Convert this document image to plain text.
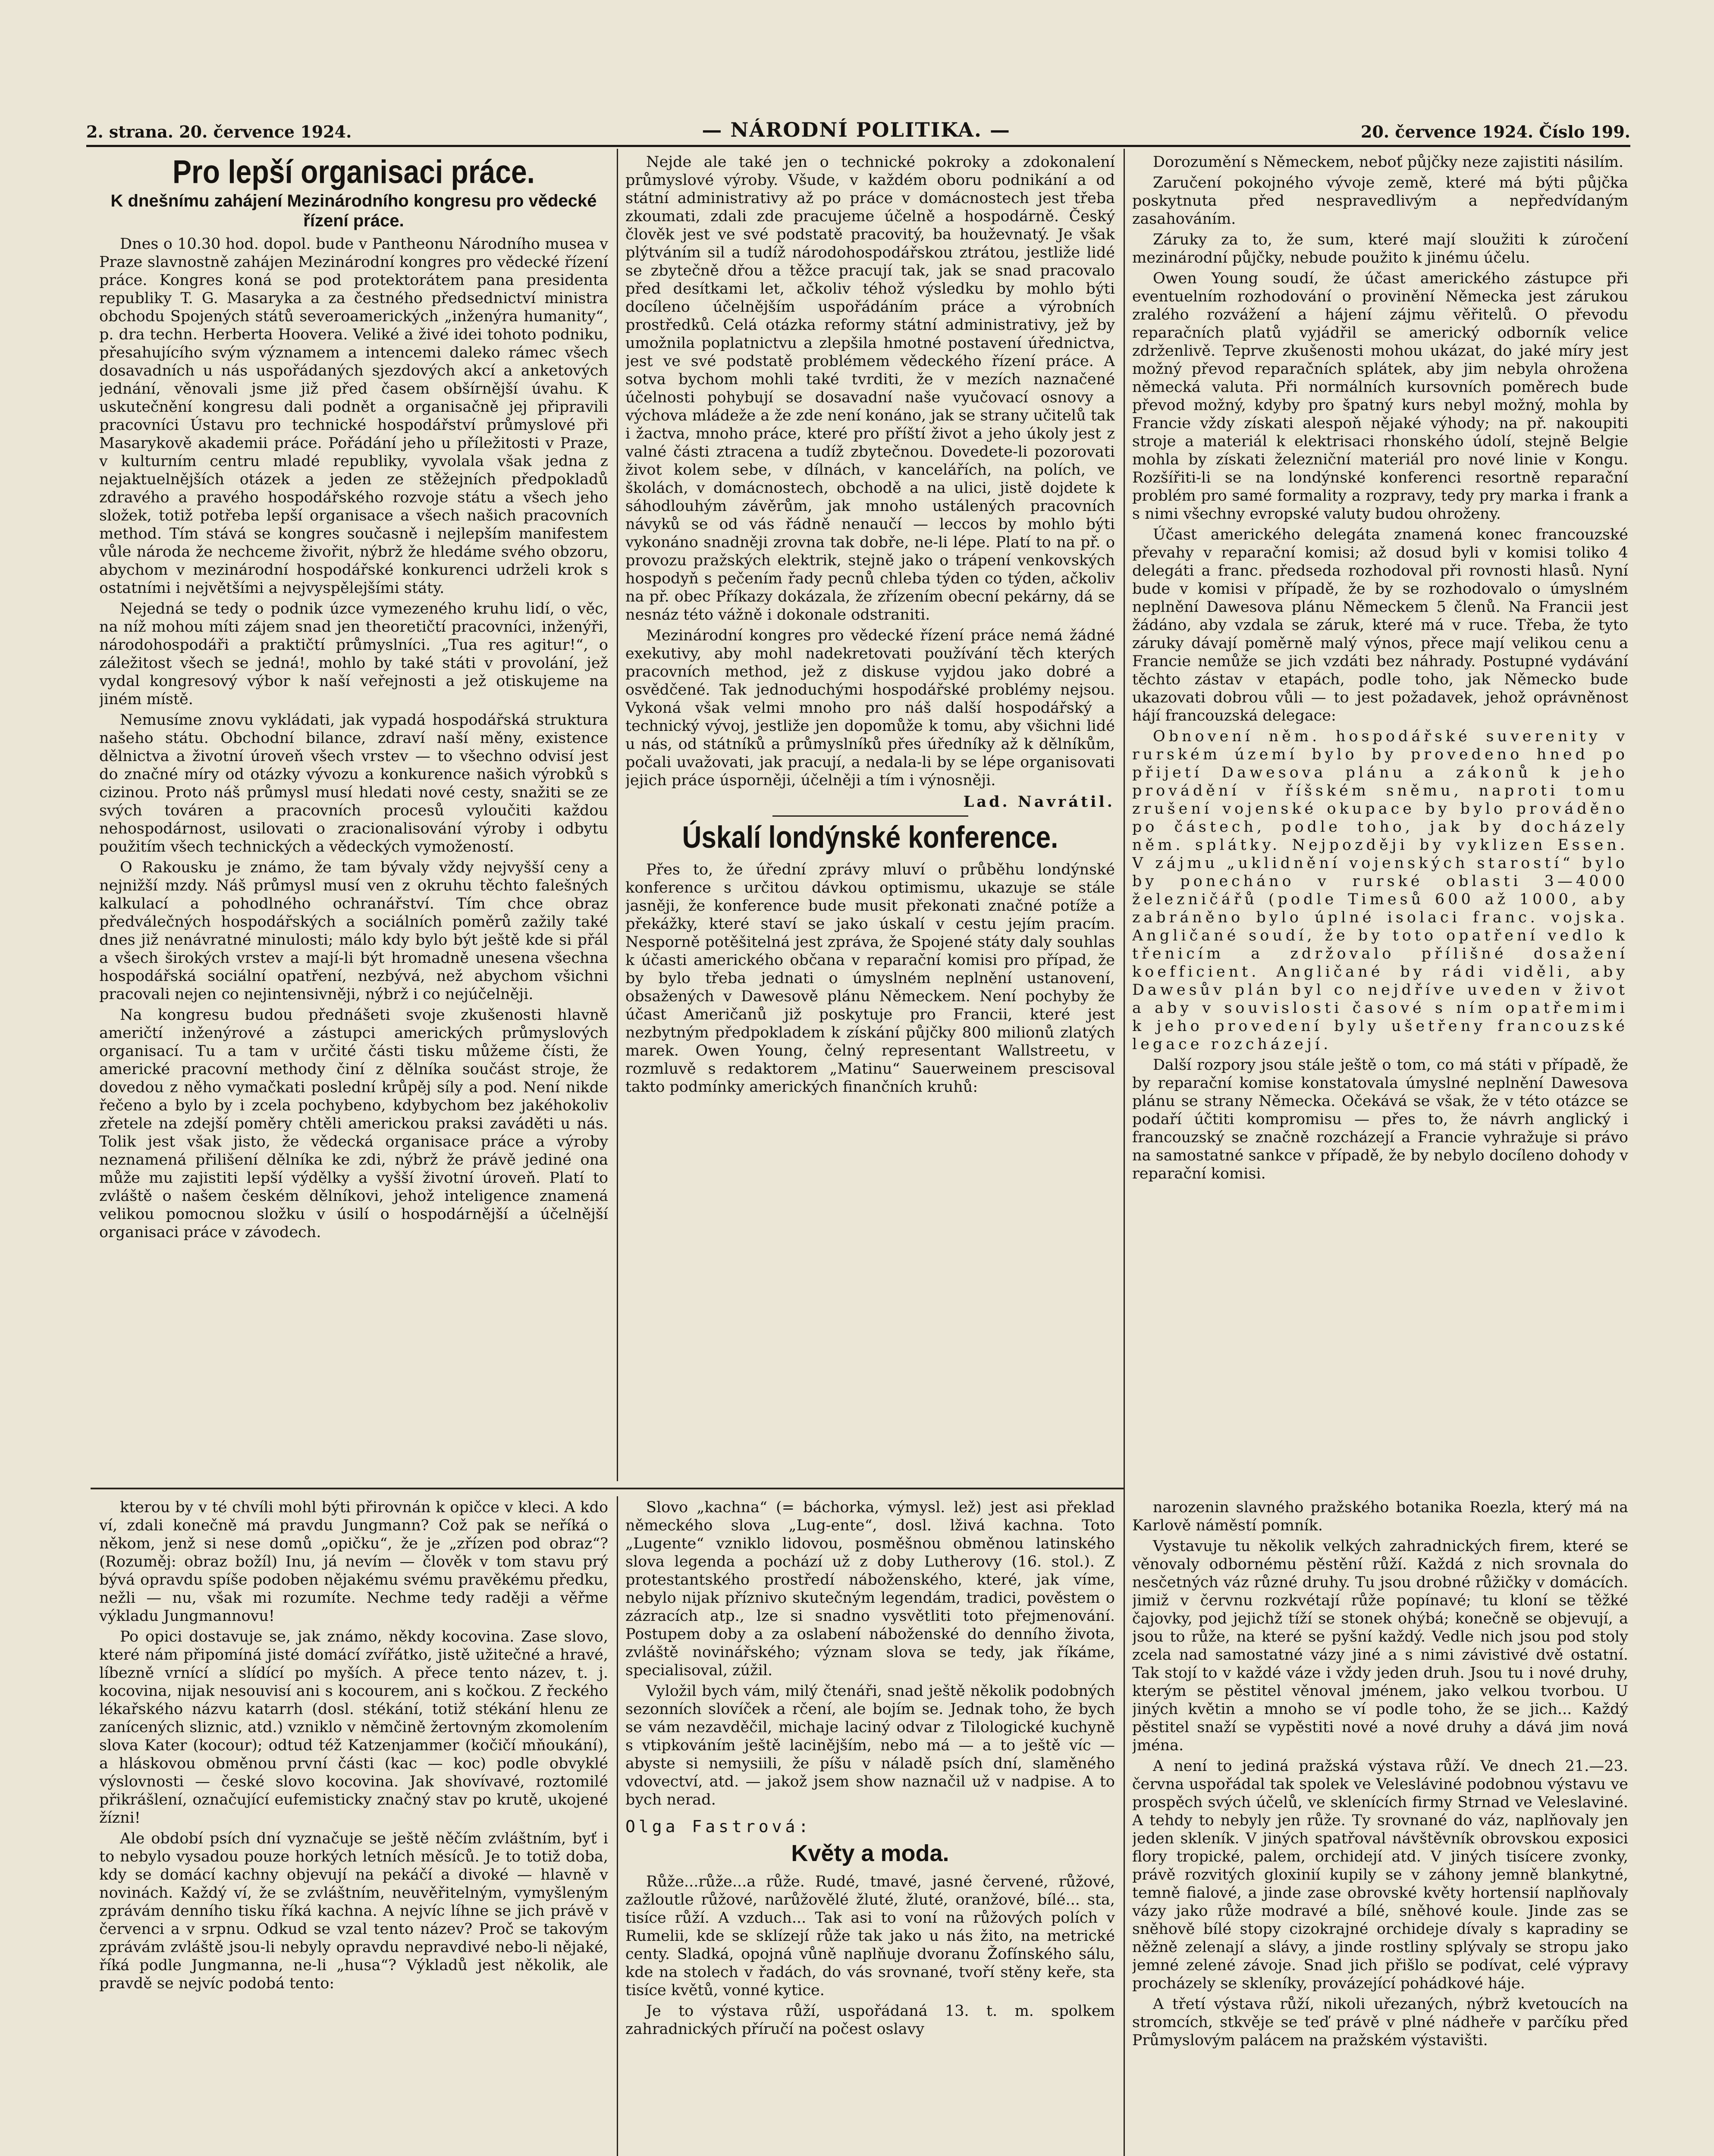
2. strana. 20. července 1924.	— NÁRODNÍ POLITIKA. —	20. července 1924. Číslo 199.
Pro lepší organisaci práce.
K dnešnímu zahájení Mezinárodního kongresu pro vědecké řízení práce.

Dnes o 10.30 hod. dopol. bude v Pantheonu Národního musea v Praze slavnostně zahájen Mezinárodní kongres pro vědecké řízení práce. Kongres koná se pod protektorátem pana presidenta republiky T. G. Masaryka a za čestného předsednictví ministra obchodu Spojených států severoamerických „inženýra humanity“, p. dra techn. Herberta Hoovera. Veliké a živé idei tohoto podniku, přesahujícího svým významem a intencemi daleko rámec všech dosavadních u nás uspořádaných sjezdových akcí a anketových jednání, věnovali jsme již před časem obšírnější úvahu. K uskutečnění kongresu dali podnět a organisačně jej připravili pracovníci Ústavu pro technické hospodářství průmyslové při Masarykově akademii práce. Pořádání jeho u příležitosti v Praze, v kulturním centru mladé republiky, vyvolala však jedna z nejaktuelnějších otázek a jeden ze stěžejních předpokladů zdravého a pravého hospodářského rozvoje státu a všech jeho složek, totiž potřeba lepší organisace a všech našich pracovních method. Tím stává se kongres současně i nejlepším manifestem vůle národa že nechceme živořit, nýbrž že hledáme svého obzoru, abychom v mezinárodní hospodářské konkurenci udrželi krok s ostatními i největšími a nejvyspělejšími státy.

Nejedná se tedy o podnik úzce vymezeného kruhu lidí, o věc, na níž mohou míti zájem snad jen theoretičtí pracovníci, inženýři, národohospodáři a praktičtí průmyslníci. „Tua res agitur!“, o záležitost všech se jedná!, mohlo by také státi v provolání, jež vydal kongresový výbor k naší veřejnosti a jež otiskujeme na jiném místě.

Nemusíme znovu vykládati, jak vypadá hospodářská struktura našeho státu. Obchodní bilance, zdraví naší měny, existence dělnictva a životní úroveň všech vrstev — to všechno odvisí jest do značné míry od otázky vývozu a konkurence našich výrobků s cizinou. Proto náš průmysl musí hledati nové cesty, snažiti se ze svých továren a pracovních procesů vyloučiti každou nehospodárnost, usilovati o zracionalisování výroby i odbytu použitím všech technických a vědeckých vymožeností.

O Rakousku je známo, že tam bývaly vždy nejvyšší ceny a nejnižší mzdy. Náš průmysl musí ven z okruhu těchto falešných kalkulací a pohodlného ochranářství. Tím chce obraz předválečných hospodářských a sociálních poměrů zažily také dnes již nenávratné minulosti; málo kdy bylo být ještě kde si přál a všech širokých vrstev a mají-li být hromadně unesena všechna hospodářská sociální opatření, nezbývá, než abychom všichni pracovali nejen co nejintensivněji, nýbrž i co nejúčelněji.

Na kongresu budou přednášeti svoje zkušenosti hlavně američtí inženýrové a zástupci amerických průmyslových organisací. Tu a tam v určité části tisku můžeme čísti, že americké pracovní methody činí z dělníka součást stroje, že dovedou z něho vymačkati poslední krůpěj síly a pod. Není nikde řečeno a bylo by i zcela pochybeno, kdybychom bez jakéhokoliv zřetele na zdejší poměry chtěli americkou praksi zaváděti u nás. Tolik jest však jisto, že vědecká organisace práce a výroby neznamená přilišení dělníka ke zdi, nýbrž že právě jediné ona může mu zajistiti lepší výdělky a vyšší životní úroveň. Platí to zvláště o našem českém dělníkovi, jehož inteligence znamená velikou pomocnou složku v úsilí o hospodárnější a účelnější organisaci práce v závodech.

Nejde ale také jen o technické pokroky a zdokonalení průmyslové výroby. Všude, v každém oboru podnikání a od státní administrativy až po práce v domácnostech jest třeba zkoumati, zdali zde pracujeme účelně a hospodárně. Český člověk jest ve své podstatě pracovitý, ba houževnatý. Je však plýtváním sil a tudíž národohospodářskou ztrátou, jestliže lidé se zbytečně dřou a těžce pracují tak, jak se snad pracovalo před desítkami let, ačkoliv téhož výsledku by mohlo býti docíleno účelnějším uspořádáním práce a výrobních prostředků. Celá otázka reformy státní administrativy, jež by umožnila poplatnictvu a zlepšila hmotné postavení úřednictva, jest ve své podstatě problémem vědeckého řízení práce. A sotva bychom mohli také tvrditi, že v mezích naznačené účelnosti pohybují se dosavadní naše vyučovací osnovy a výchova mládeže a že zde není konáno, jak se strany učitelů tak i žactva, mnoho práce, které pro příští život a jeho úkoly jest z valné části ztracena a tudíž zbytečnou. Dovedete-li pozorovati život kolem sebe, v dílnách, v kancelářích, na polích, ve školách, v domácnostech, obchodě a na ulici, jistě dojdete k sáhodlouhým závěrům, jak mnoho ustálených pracovních návyků se od vás řádně nenaučí — leccos by mohlo býti vykonáno snadněji zrovna tak dobře, ne-li lépe. Platí to na př. o provozu pražských elektrik, stejně jako o trápení venkovských hospodyň s pečením řady pecnů chleba týden co týden, ačkoliv na př. obec Příkazy dokázala, že zřízením obecní pekárny, dá se nesnáz této vážně i dokonale odstraniti.

Mezinárodní kongres pro vědecké řízení práce nemá žádné exekutivy, aby mohl nadekretovati používání těch kterých pracovních method, jež z diskuse vyjdou jako dobré a osvědčené. Tak jednoduchými hospodářské problémy nejsou. Vykoná však velmi mnoho pro náš další hospodářský a technický vývoj, jestliže jen dopomůže k tomu, aby všichni lidé u nás, od státníků a průmyslníků přes úředníky až k dělníkům, počali uvažovati, jak pracují, a nedala-li by se lépe organisovati jejich práce úsporněji, účelněji a tím i výnosněji.

Lad. Navrátil.
Úskalí londýnské konference.

Přes to, že úřední zprávy mluví o průběhu londýnské konference s určitou dávkou optimismu, ukazuje se stále jasněji, že konference bude musit překonati značné potíže a překážky, které staví se jako úskalí v cestu jejím pracím. Nesporně potěšitelná jest zpráva, že Spojené státy daly souhlas k účasti amerického občana v reparační komisi pro případ, že by bylo třeba jednati o úmyslném neplnění ustanovení, obsažených v Dawesově plánu Německem. Není pochyby že účast Američanů již poskytuje pro Francii, které jest nezbytným předpokladem k získání půjčky 800 milionů zlatých marek. Owen Young, čelný representant Wallstreetu, v rozmluvě s redaktorem „Matinu“ Sauerweinem prescisoval takto podmínky amerických finančních kruhů:

Dorozumění s Německem, neboť půjčky neze zajistiti násilím.

Zaručení pokojného vývoje země, které má býti půjčka poskytnuta před nespravedlivým a nepředvídaným zasahováním.

Záruky za to, že sum, které mají sloužiti k zúročení mezinárodní půjčky, nebude použito k jinému účelu.

Owen Young soudí, že účast amerického zástupce při eventuelním rozhodování o provinění Německa jest zárukou zralého rozvážení a hájení zájmu věřitelů. O převodu reparačních platů vyjádřil se americký odborník velice zdrženlivě. Teprve zkušenosti mohou ukázat, do jaké míry jest možný převod reparačních splátek, aby jim nebyla ohrožena německá valuta. Při normálních kursovních poměrech bude převod možný, kdyby pro špatný kurs nebyl možný, mohla by Francie vždy získati alespoň nějaké výhody; na př. nakoupiti stroje a materiál k elektrisaci rhonského údolí, stejně Belgie mohla by získati železniční materiál pro nové linie v Kongu. Rozšířiti-li se na londýnské konferenci resortně reparační problém pro samé formality a rozpravy, tedy pry marka i frank a s nimi všechny evropské valuty budou ohroženy.

Účast amerického delegáta znamená konec francouzské převahy v reparační komisi; až dosud byli v komisi toliko 4 delegáti a franc. předseda rozhodoval při rovnosti hlasů. Nyní bude v komisi v případě, že by se rozhodovalo o úmyslném neplnění Dawesova plánu Německem 5 členů. Na Francii jest žádáno, aby vzdala se záruk, které má v ruce. Třeba, že tyto záruky dávají poměrně malý výnos, přece mají velikou cenu a Francie nemůže se jich vzdáti bez náhrady. Postupné vydávání těchto zástav v etapách, podle toho, jak Německo bude ukazovati dobrou vůli — to jest požadavek, jehož oprávněnost hájí francouzská delegace:

Obnovení něm. hospodářské suverenity v rurském území bylo by provedeno hned po přijetí Dawesova plánu a zákonů k jeho provádění v říšském sněmu, naproti tomu zrušení vojenské okupace by bylo prováděno po částech, podle toho, jak by docházely něm. splátky. Nejpozději by vyklizen Essen. V zájmu „uklidnění vojenských starostí“ bylo by ponecháno v rurské oblasti 3—4000 železničářů (podle Timesů 600 až 1000, aby zabráněno bylo úplné isolaci franc. vojska. Angličané soudí, že by toto opatření vedlo k třenicím a zdržovalo přílišné dosažení koefficient. Angličané by rádi viděli, aby Dawesův plán byl co nejdříve uveden v život a aby v souvislosti časové s ním opatřemimi k jeho provedení byly ušetřeny francouzské legace rozcházejí.

Další rozpory jsou stále ještě o tom, co má státi v případě, že by reparační komise konstatovala úmyslné neplnění Dawesova plánu se strany Německa. Očekává se však, že v této otázce se podaří účtiti kompromisu — přes to, že návrh anglický i francouzský se značně rozcházejí a Francie vyhražuje si právo na samostatné sankce v případě, že by nebylo docíleno dohody v reparační komisi.

kterou by v té chvíli mohl býti přirovnán k opičce v kleci. A kdo ví, zdali konečně má pravdu Jungmann? Což pak se neříká o někom, jenž si nese domů „opičku“, že je „zřízen pod obraz“? (Rozuměj: obraz božíl) Inu, já nevím — člověk v tom stavu prý bývá opravdu spíše podoben nějakému svému pravěkému předku, nežli — nu, však mi rozumíte. Nechme tedy raději a věřme výkladu Jungmannovu!

Po opici dostavuje se, jak známo, někdy kocovina. Zase slovo, které nám připomíná jisté domácí zvířátko, jistě užitečné a hravé, líbezně vrnící a slídící po myších. A přece tento název, t. j. kocovina, nijak nesouvisí ani s kocourem, ani s kočkou. Z řeckého lékařského názvu katarrh (dosl. stékání, totiž stékání hlenu ze zanícených sliznic, atd.) vzniklo v němčině žertovným zkomolením slova Kater (kocour); odtud též Katzenjammer (kočičí mňoukání), a hláskovou obměnou první části (kac — koc) podle obvyklé výslovnosti — české slovo kocovina. Jak shovívavé, roztomilé přikrášlení, označující eufemisticky značný stav po krutě, ukojené žízni!

Ale období psích dní vyznačuje se ještě něčím zvláštním, byť i to nebylo vysadou pouze horkých letních měsíců. Je to totiž doba, kdy se domácí kachny objevují na pekáčí a divoké — hlavně v novinách. Každý ví, že se zvláštním, neuvěřitelným, vymyšleným zprávám denního tisku říká kachna. A nejvíc líhne se jich právě v červenci a v srpnu. Odkud se vzal tento název? Proč se takovým zprávám zvláště jsou-li nebyly opravdu nepravdivé nebo-li nějaké, říká podle Jungmanna, ne-li „husa“? Výkladů jest několik, ale pravdě se nejvíc podobá tento:

Slovo „kachna“ (= báchorka, výmysl. lež) jest asi překlad německého slova „Lug-ente“, dosl. lživá kachna. Toto „Lugente“ vzniklo lidovou, posměšnou obměnou latinského slova legenda a pochází už z doby Lutherovy (16. stol.). Z protestantského prostředí náboženského, které, jak víme, nebylo nijak příznivo skutečným legendám, tradici, pověstem o zázracích atp., lze si snadno vysvětliti toto přejmenování. Postupem doby a za oslabení náboženské do denního života, zvláště novinářského; význam slova se tedy, jak říkáme, specialisoval, zúžil.

Vyložil bych vám, milý čtenáři, snad ještě několik podobných sezonních slovíček a rčení, ale bojím se. Jednak toho, že bych se vám nezavděčil, michaje laciný odvar z Tilologické kuchyně s vtipkováním ještě lacinějším, nebo má — a to ještě víc — abyste si nemysiili, že píšu v náladě psích dní, slaměného vdovectví, atd. — jakož jsem show naznačil už v nadpise. A to bych nerad.

Olga Fastrová:
Květy a moda.

Růže...růže...a růže. Rudé, tmavé, jasné červené, růžové, zažloutle růžové, narůžovělé žluté, žluté, oranžové, bílé... sta, tisíce růží. A vzduch... Tak asi to voní na růžových polích v Rumelii, kde se sklízejí růže tak jako u nás žito, na metrické centy. Sladká, opojná vůně naplňuje dvoranu Žofínského sálu, kde na stolech v řadách, do vás srovnané, tvoří stěny keře, sta tisíce květů, vonné kytice.

Je to výstava růží, uspořádaná 13. t. m. spolkem zahradnických příručí na počest oslavy

narozenin slavného pražského botanika Roezla, který má na Karlově náměstí pomník.

Vystavuje tu několik velkých zahradnických firem, které se věnovaly odbornému pěstění růží. Každá z nich srovnala do nesčetných váz různé druhy. Tu jsou drobné růžičky v domácích. jimiž v červnu rozkvétají růže popínavé; tu kloní se těžké čajovky, pod jejichž tíží se stonek ohýbá; konečně se objevují, a jsou to růže, na které se pyšní každý. Vedle nich jsou pod stoly zcela nad samostatné vázy jiné a s nimi závistivé dvě ostatní. Tak stojí to v každé váze i vždy jeden druh. Jsou tu i nové druhy, kterým se pěstitel věnoval jménem, jako velkou tvorbou. U jiných květin a mnoho se ví podle toho, že se jich... Každý pěstitel snaží se vypěstiti nové a nové druhy a dává jim nová jména.

A není to jediná pražská výstava růží. Ve dnech 21.—23. června uspořádal tak spolek ve Velesláviné podobnou výstavu ve prospěch svých účelů, ve sklenících firmy Strnad ve Veleslaviné. A tehdy to nebyly jen růže. Ty srovnané do váz, naplňovaly jen jeden skleník. V jiných spatřoval návštěvník obrovskou exposici flory tropické, palem, orchidejí atd. V jiných tisícere zvonky, právě rozvitých gloxinií kupily se v záhony jemně blankytné, temně fialové, a jinde zase obrovské květy hortensií naplňovaly vázy jako růže modravé a bílé, sněhové koule. Jinde zas se sněhově bílé stopy cizokrajné orchideje dívaly s kapradiny se něžně zelenají a slávy, a jinde rostliny splývaly se stropu jako jemné zelené závoje. Snad jich přišlo se podívat, celé výpravy procházely se skleníky, provázející pohádkové háje.

A třetí výstava růží, nikoli uřezaných, nýbrž kvetoucích na stromcích, stkvěje se teď právě v plné nádheře v parčíku před Průmyslovým palácem na pražském výstavišti.
